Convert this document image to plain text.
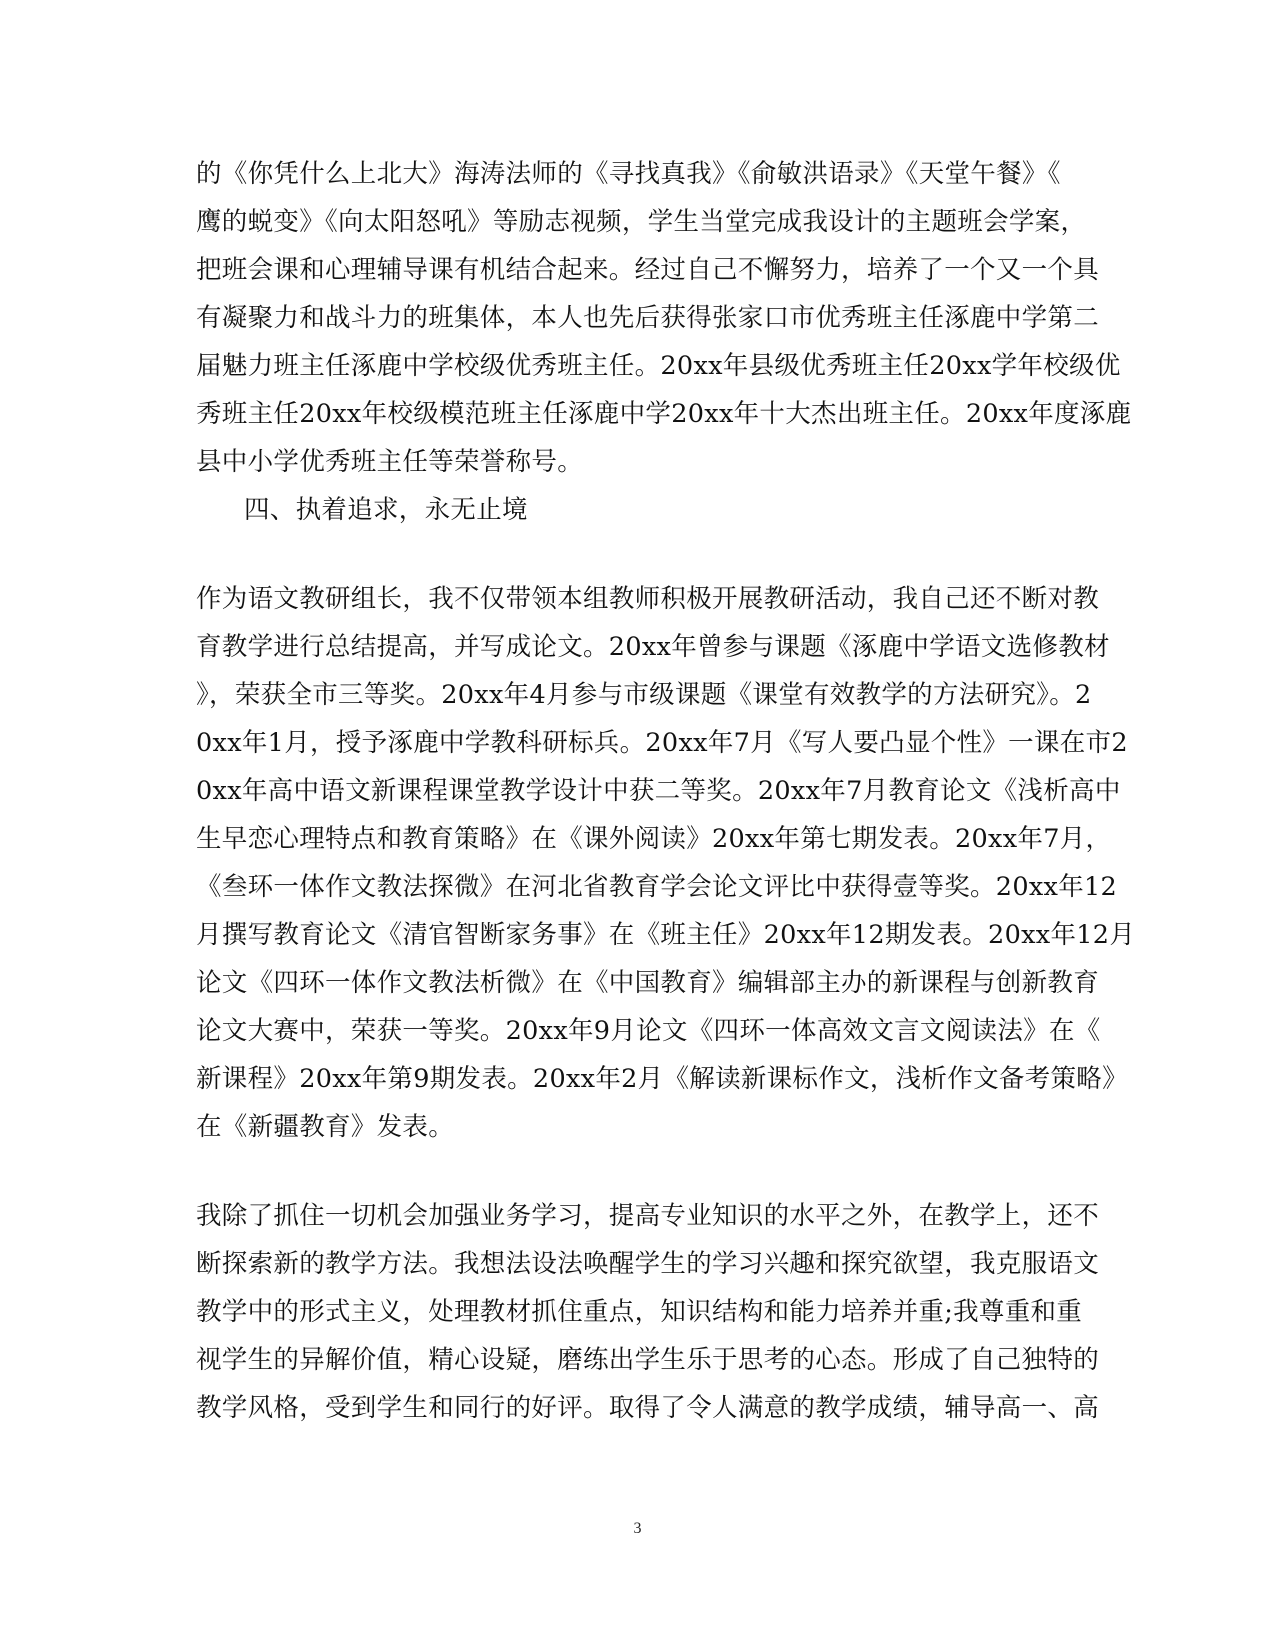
的《你凭什么上北大》海涛法师的《寻找真我》《俞敏洪语录》《天堂午餐》《
鹰的蜕变》《向太阳怒吼》等励志视频，学生当堂完成我设计的主题班会学案，
把班会课和心理辅导课有机结合起来。经过自己不懈努力，培养了一个又一个具
有凝聚力和战斗力的班集体，本人也先后获得张家口市优秀班主任涿鹿中学第二
届魅力班主任涿鹿中学校级优秀班主任。20xx年县级优秀班主任20xx学年校级优
秀班主任20xx年校级模范班主任涿鹿中学20xx年十大杰出班主任。20xx年度涿鹿
县中小学优秀班主任等荣誉称号。
四、执着追求，永无止境
作为语文教研组长，我不仅带领本组教师积极开展教研活动，我自己还不断对教
育教学进行总结提高，并写成论文。20xx年曾参与课题《涿鹿中学语文选修教材
》，荣获全市三等奖。20xx年4月参与市级课题《课堂有效教学的方法研究》。2
0xx年1月，授予涿鹿中学教科研标兵。20xx年7月《写人要凸显个性》一课在市2
0xx年高中语文新课程课堂教学设计中获二等奖。20xx年7月教育论文《浅析高中
生早恋心理特点和教育策略》在《课外阅读》20xx年第七期发表。20xx年7月，
《叁环一体作文教法探微》在河北省教育学会论文评比中获得壹等奖。20xx年12
月撰写教育论文《清官智断家务事》在《班主任》20xx年12期发表。20xx年12月
论文《四环一体作文教法析微》在《中国教育》编辑部主办的新课程与创新教育
论文大赛中，荣获一等奖。20xx年9月论文《四环一体高效文言文阅读法》在《
新课程》20xx年第9期发表。20xx年2月《解读新课标作文，浅析作文备考策略》
在《新疆教育》发表。
我除了抓住一切机会加强业务学习，提高专业知识的水平之外，在教学上，还不
断探索新的教学方法。我想法设法唤醒学生的学习兴趣和探究欲望，我克服语文
教学中的形式主义，处理教材抓住重点，知识结构和能力培养并重;我尊重和重
视学生的异解价值，精心设疑，磨练出学生乐于思考的心态。形成了自己独特的
教学风格，受到学生和同行的好评。取得了令人满意的教学成绩，辅导高一、高
3
